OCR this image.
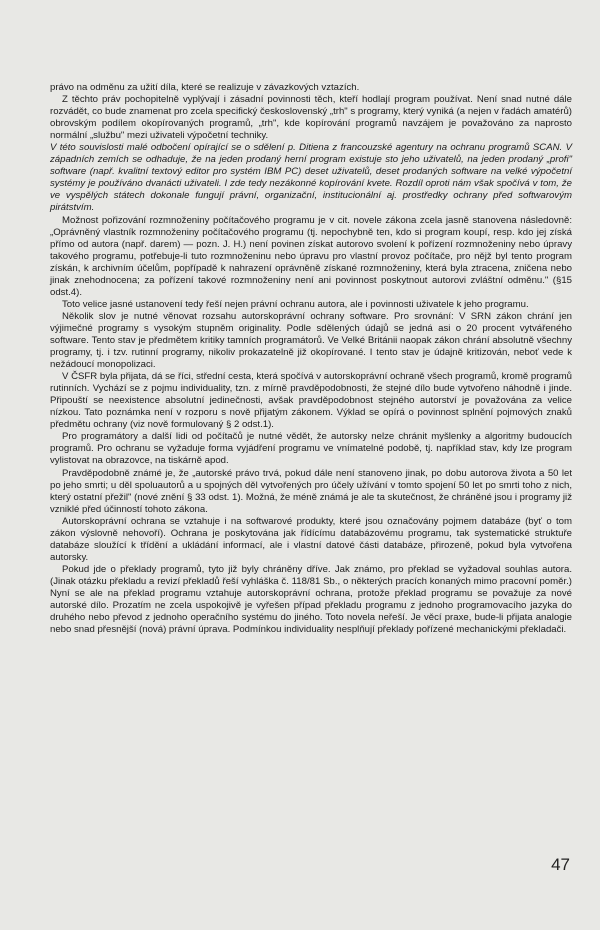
právo na odměnu za užití díla, které se realizuje v závazkových vztazích.

Z těchto práv pochopitelně vyplývají i zásadní povinnosti těch, kteří hodlají program používat. Není snad nutné dále rozvádět, co bude znamenat pro zcela specifický československý „trh" s programy, který vyniká (a nejen v řadách amatérů) obrovským podílem okopírovaných programů, „trh", kde kopírování programů navzájem je považováno za naprosto normální „službu" mezi uživateli výpočetní techniky.

V této souvislosti malé odbočení opírající se o sdělení p. Ditiena z francouzské agentury na ochranu programů SCAN. V západních zemích se odhaduje, že na jeden prodaný herní program existuje sto jeho uživatelů, na jeden prodaný „profi" software (např. kvalitní textový editor pro systém IBM PC) deset uživatelů, deset prodaných software na velké výpočetní systémy je používáno dvanácti uživateli. I zde tedy nezákonné kopírování kvete. Rozdíl oproti nám však spočívá v tom, že ve vyspělých státech dokonale fungují právní, organizační, institucionální aj. prostředky ochrany před softwarovým pirátstvím.

Možnost pořizování rozmnoženiny počítačového programu je v cit. novele zákona zcela jasně stanovena následovně: „Oprávněný vlastník rozmnoženiny počítačového programu (tj. nepochybně ten, kdo si program koupí, resp. kdo jej získá přímo od autora (např. darem) — pozn. J. H.) není povinen získat autorovo svolení k pořízení rozmnoženiny nebo úpravy takového programu, potřebuje-li tuto rozmnoženinu nebo úpravu pro vlastní provoz počítače, pro nějž byl tento program získán, k archivním účelům, popřípadě k nahrazení oprávněně získané rozmnoženiny, která byla ztracena, zničena nebo jinak znehodnocena; za pořízení takové rozmnoženiny není ani povinnost poskytnout autorovi zvláštní odměnu." (§15 odst.4).

Toto velice jasné ustanovení tedy řeší nejen právní ochranu autora, ale i povinnosti uživatele k jeho programu.

Několik slov je nutné věnovat rozsahu autorskoprávní ochrany software. Pro srovnání: V SRN zákon chrání jen výjimečné programy s vysokým stupněm originality. Podle sdělených údajů se jedná asi o 20 procent vytvářeného software. Tento stav je předmětem kritiky tamních programátorů. Ve Velké Británii naopak zákon chrání absolutně všechny programy, tj. i tzv. rutinní programy, nikoliv prokazatelně již okopírované. I tento stav je údajně kritizován, neboť vede k nežádoucí monopolizaci.

V ČSFR byla přijata, dá se říci, střední cesta, která spočívá v autorskoprávní ochraně všech programů, kromě programů rutinních. Vychází se z pojmu individuality, tzn. z mírně pravděpodobnosti, že stejné dílo bude vytvořeno náhodně i jinde. Připouští se neexistence absolutní jedinečnosti, avšak pravděpodobnost stejného autorství je považována za velice nízkou. Tato poznámka není v rozporu s nově přijatým zákonem. Výklad se opírá o povinnost splnění pojmových znaků předmětu ochrany (viz nově formulovaný § 2 odst.1).

Pro programátory a další lidi od počítačů je nutné vědět, že autorsky nelze chránit myšlenky a algoritmy budoucích programů. Pro ochranu se vyžaduje forma vyjádření programu ve vnímatelné podobě, tj. například stav, kdy lze program vylistovat na obrazovce, na tiskárně apod.

Pravděpodobně známé je, že „autorské právo trvá, pokud dále není stanoveno jinak, po dobu autorova života a 50 let po jeho smrti; u děl spoluautorů a u spojných děl vytvořených pro účely užívání v tomto spojení 50 let po smrti toho z nich, který ostatní přežil" (nové znění § 33 odst. 1). Možná, že méně známá je ale ta skutečnost, že chráněné jsou i programy již vzniklé před účinností tohoto zákona.

Autorskoprávní ochrana se vztahuje i na softwarové produkty, které jsou označovány pojmem databáze (byť o tom zákon výslovně nehovoří). Ochrana je poskytována jak řídícímu databázovému programu, tak systematické struktuře databáze sloužící k třídění a ukládání informací, ale i vlastní datové části databáze, přirozeně, pokud byla vytvořena autorsky.

Pokud jde o překlady programů, tyto již byly chráněny dříve. Jak známo, pro překlad se vyžadoval souhlas autora. (Jinak otázku překladu a revizí překladů řeší vyhláška č. 118/81 Sb., o některých pracích konaných mimo pracovní poměr.) Nyní se ale na překlad programu vztahuje autorskoprávní ochrana, protože překlad programu se považuje za nové autorské dílo. Prozatím ne zcela uspokojivě je vyřešen případ překladu programu z jednoho programovacího jazyka do druhého nebo převod z jednoho operačního systému do jiného. Toto novela neřeší. Je věcí praxe, bude-li přijata analogie nebo snad přesnější (nová) právní úprava. Podmínkou individuality nesplňují překlady pořízené mechanickými překladači.

47
